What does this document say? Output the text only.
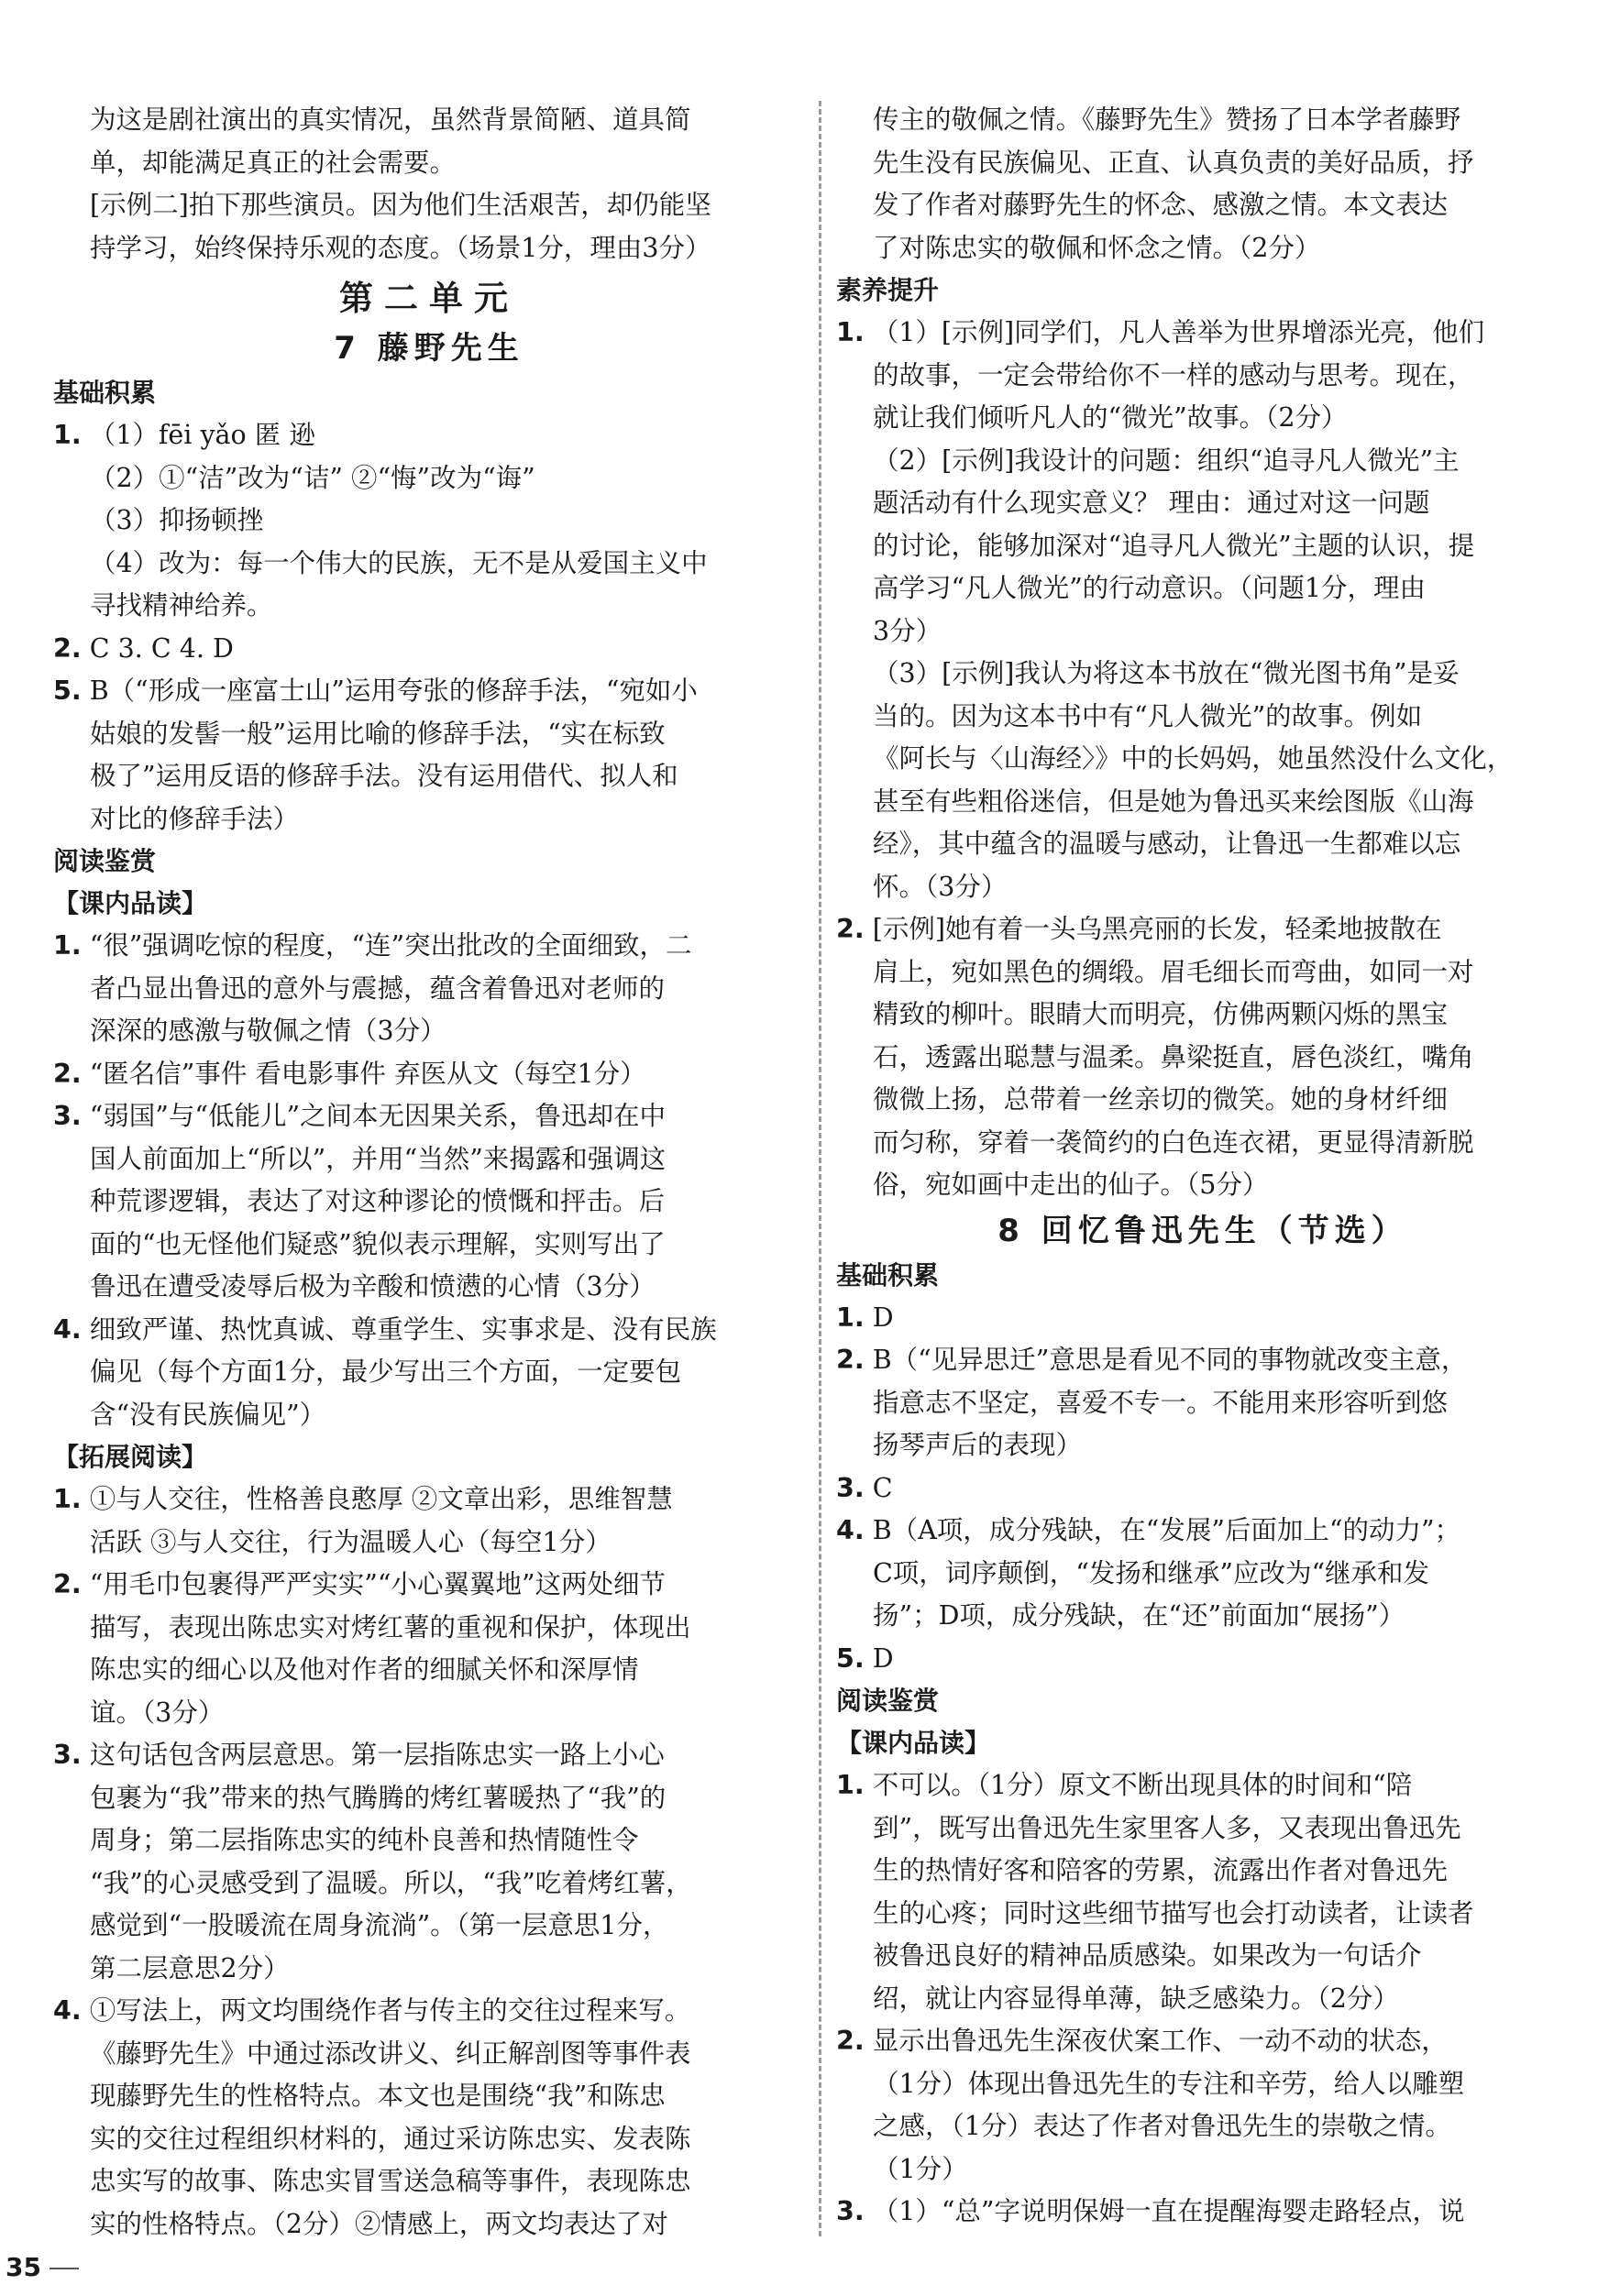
为这是剧社演出的真实情况，虽然背景简陋、道具简

单，却能满足真正的社会需要。

[示例二]拍下那些演员。因为他们生活艰苦，却仍能坚

持学习，始终保持乐观的态度。（场景1分，理由3分）

第二单元
7 藤野先生
基础积累

1. （1）fēi yǎo 匿 逊

（2）①“洁”改为“诘” ②“悔”改为“诲”

（3）抑扬顿挫

（4）改为：每一个伟大的民族，无不是从爱国主义中

寻找精神给养。

2. C 3. C 4. D

5. B（“形成一座富士山”运用夸张的修辞手法，“宛如小

姑娘的发髻一般”运用比喻的修辞手法，“实在标致

极了”运用反语的修辞手法。没有运用借代、拟人和

对比的修辞手法）

阅读鉴赏
【课内品读】

1. “很”强调吃惊的程度，“连”突出批改的全面细致，二

者凸显出鲁迅的意外与震撼，蕴含着鲁迅对老师的

深深的感激与敬佩之情（3分）

2. “匿名信”事件 看电影事件 弃医从文（每空1分）

3. “弱国”与“低能儿”之间本无因果关系，鲁迅却在中

国人前面加上“所以”，并用“当然”来揭露和强调这

种荒谬逻辑，表达了对这种谬论的愤慨和抨击。后

面的“也无怪他们疑惑”貌似表示理解，实则写出了

鲁迅在遭受凌辱后极为辛酸和愤懑的心情（3分）

4. 细致严谨、热忱真诚、尊重学生、实事求是、没有民族

偏见（每个方面1分，最少写出三个方面，一定要包

含“没有民族偏见”）

【拓展阅读】

1. ①与人交往，性格善良憨厚 ②文章出彩，思维智慧

活跃 ③与人交往，行为温暖人心（每空1分）

2. “用毛巾包裹得严严实实”“小心翼翼地”这两处细节

描写，表现出陈忠实对烤红薯的重视和保护，体现出

陈忠实的细心以及他对作者的细腻关怀和深厚情

谊。（3分）

3. 这句话包含两层意思。第一层指陈忠实一路上小心

包裹为“我”带来的热气腾腾的烤红薯暖热了“我”的

周身；第二层指陈忠实的纯朴良善和热情随性令

“我”的心灵感受到了温暖。所以，“我”吃着烤红薯，

感觉到“一股暖流在周身流淌”。（第一层意思1分，

第二层意思2分）

4. ①写法上，两文均围绕作者与传主的交往过程来写。

《藤野先生》中通过添改讲义、纠正解剖图等事件表

现藤野先生的性格特点。本文也是围绕“我”和陈忠

实的交往过程组织材料的，通过采访陈忠实、发表陈

忠实写的故事、陈忠实冒雪送急稿等事件，表现陈忠

实的性格特点。（2分）②情感上，两文均表达了对

传主的敬佩之情。《藤野先生》赞扬了日本学者藤野

先生没有民族偏见、正直、认真负责的美好品质，抒

发了作者对藤野先生的怀念、感激之情。本文表达

了对陈忠实的敬佩和怀念之情。（2分）

素养提升

1. （1）[示例]同学们，凡人善举为世界增添光亮，他们

的故事，一定会带给你不一样的感动与思考。现在，

就让我们倾听凡人的“微光”故事。（2分）

（2）[示例]我设计的问题：组织“追寻凡人微光”主

题活动有什么现实意义？ 理由：通过对这一问题

的讨论，能够加深对“追寻凡人微光”主题的认识，提

高学习“凡人微光”的行动意识。（问题1分，理由

3分）

（3）[示例]我认为将这本书放在“微光图书角”是妥

当的。因为这本书中有“凡人微光”的故事。例如

《阿长与〈山海经〉》中的长妈妈，她虽然没什么文化，

甚至有些粗俗迷信，但是她为鲁迅买来绘图版《山海

经》，其中蕴含的温暖与感动，让鲁迅一生都难以忘

怀。（3分）

2. [示例]她有着一头乌黑亮丽的长发，轻柔地披散在

肩上，宛如黑色的绸缎。眉毛细长而弯曲，如同一对

精致的柳叶。眼睛大而明亮，仿佛两颗闪烁的黑宝

石，透露出聪慧与温柔。鼻梁挺直，唇色淡红，嘴角

微微上扬，总带着一丝亲切的微笑。她的身材纤细

而匀称，穿着一袭简约的白色连衣裙，更显得清新脱

俗，宛如画中走出的仙子。（5分）

8 回忆鲁迅先生（节选）
基础积累

1. D

2. B（“见异思迁”意思是看见不同的事物就改变主意，

指意志不坚定，喜爱不专一。不能用来形容听到悠

扬琴声后的表现）

3. C

4. B（A项，成分残缺，在“发展”后面加上“的动力”；

C项，词序颠倒，“发扬和继承”应改为“继承和发

扬”；D项，成分残缺，在“还”前面加“展扬”）

5. D

阅读鉴赏
【课内品读】

1. 不可以。（1分）原文不断出现具体的时间和“陪

到”，既写出鲁迅先生家里客人多，又表现出鲁迅先

生的热情好客和陪客的劳累，流露出作者对鲁迅先

生的心疼；同时这些细节描写也会打动读者，让读者

被鲁迅良好的精神品质感染。如果改为一句话介

绍，就让内容显得单薄，缺乏感染力。（2分）

2. 显示出鲁迅先生深夜伏案工作、一动不动的状态，

（1分）体现出鲁迅先生的专注和辛劳，给人以雕塑

之感，（1分）表达了作者对鲁迅先生的崇敬之情。

（1分）

3. （1）“总”字说明保姆一直在提醒海婴走路轻点，说

35
